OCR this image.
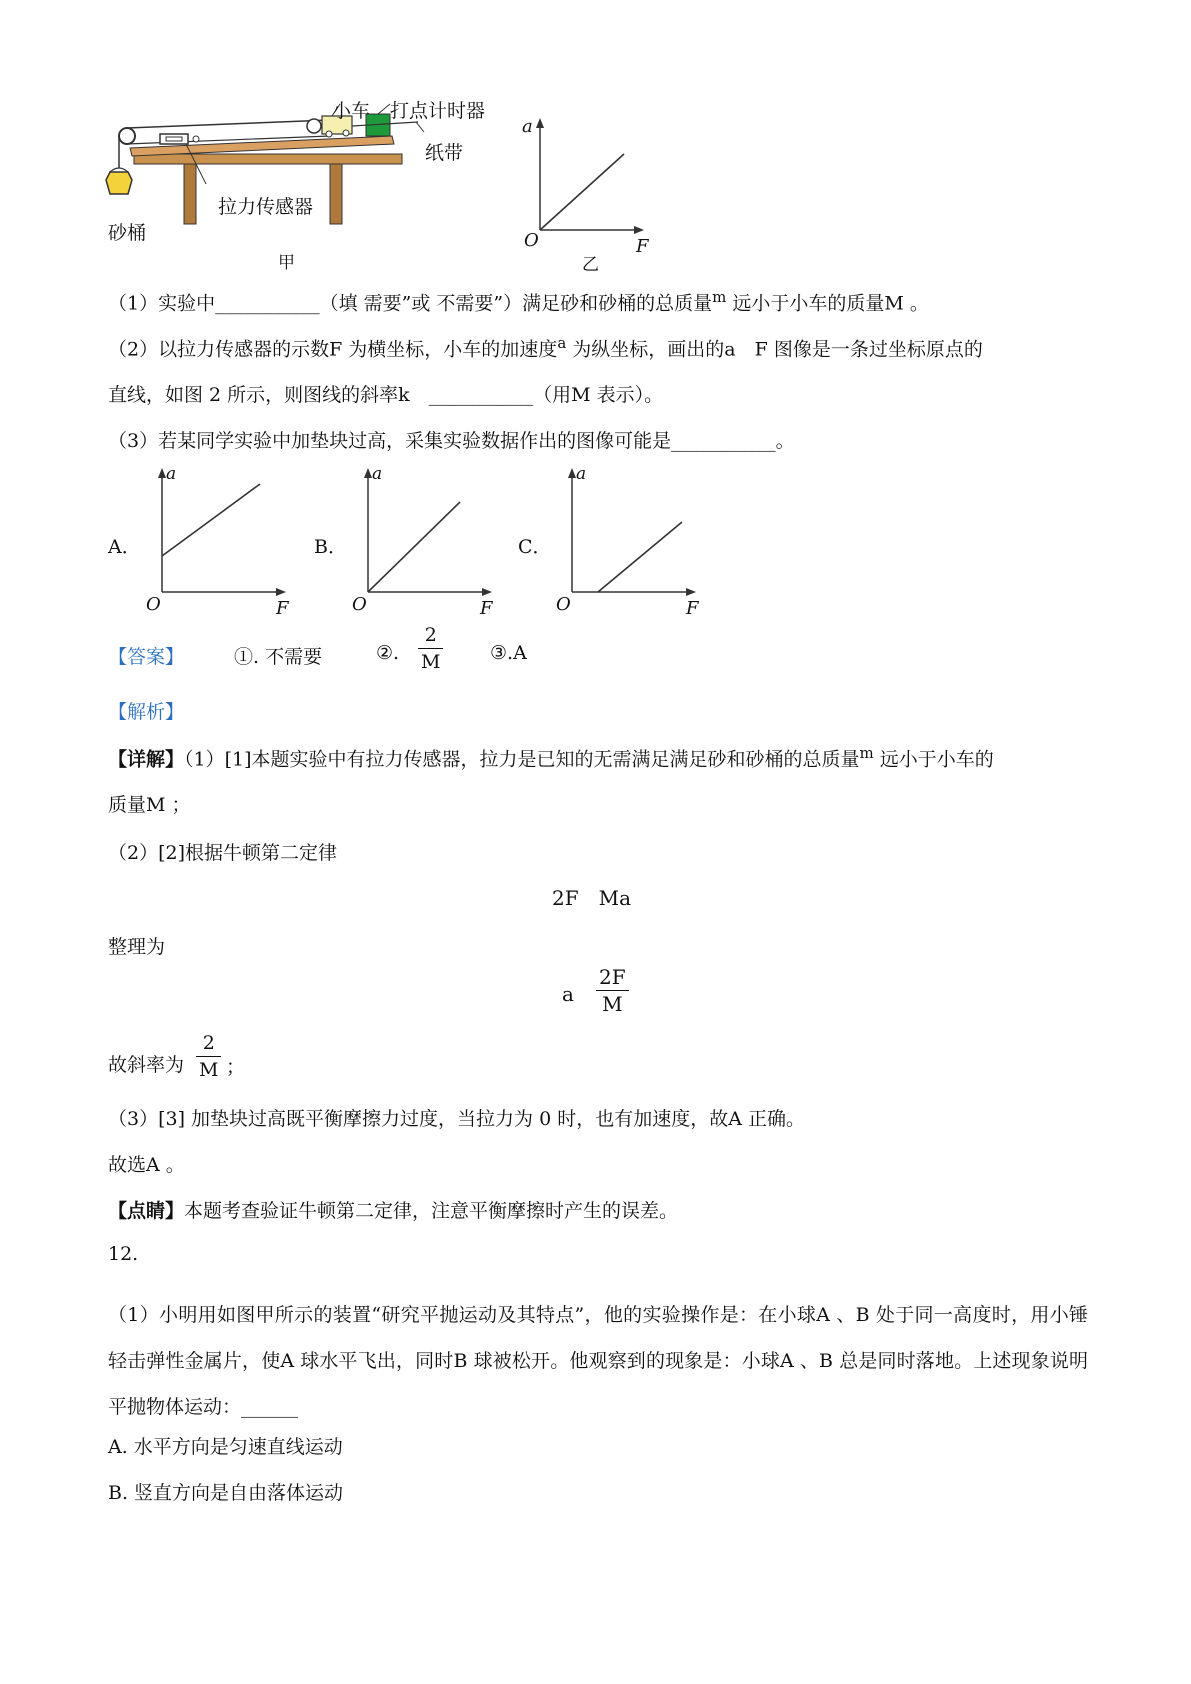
小车 打点计时器
纸带
拉力传感器
砂桶
甲
a
O	F
乙
（1）实验中___________（填 需要”或 不需要”）满足砂和砂桶的总质量$^m$ 远小于小车的质量M 。
（2）以拉力传感器的示数F 为横坐标，小车的加速度$^a$ 为纵坐标，画出的a　F 图像是一条过坐标原点的
直线，如图 2 所示，则图线的斜率k　___________（用M 表示）。
（3）若某同学实验中加垫块过高，采集实验数据作出的图像可能是___________。
A．
a
O	F
B．
a
O	F
C．
a
O	F
【答案】	①. 不需要	②. $\frac{2}{M}$ ③.A
【解析】
【详解】（1）[1]本题实验中有拉力传感器，拉力是已知的无需满足满足砂和砂桶的总质量$^m$ 远小于小车的
质量M ；
（2）[2]根据牛顿第二定律
2F　Ma
整理为
a $\frac{2F}{M}$
故斜率为 $\frac{2}{M}$ ；
（3）[3] 加垫块过高既平衡摩擦力过度，当拉力为 0 时，也有加速度，故A 正确。
故选A 。
【点睛】本题考查验证牛顿第二定律，注意平衡摩擦时产生的误差。
12.
（1）小明用如图甲所示的装置“研究平抛运动及其特点”，他的实验操作是：在小球A 、B 处于同一高度时，用小锤轻击弹性金属片，使A 球水平飞出，同时B 球被松开。他观察到的现象是：小球A 、B 总是同时落地。上述现象说明平抛物体运动：______
A. 水平方向是匀速直线运动
B. 竖直方向是自由落体运动
